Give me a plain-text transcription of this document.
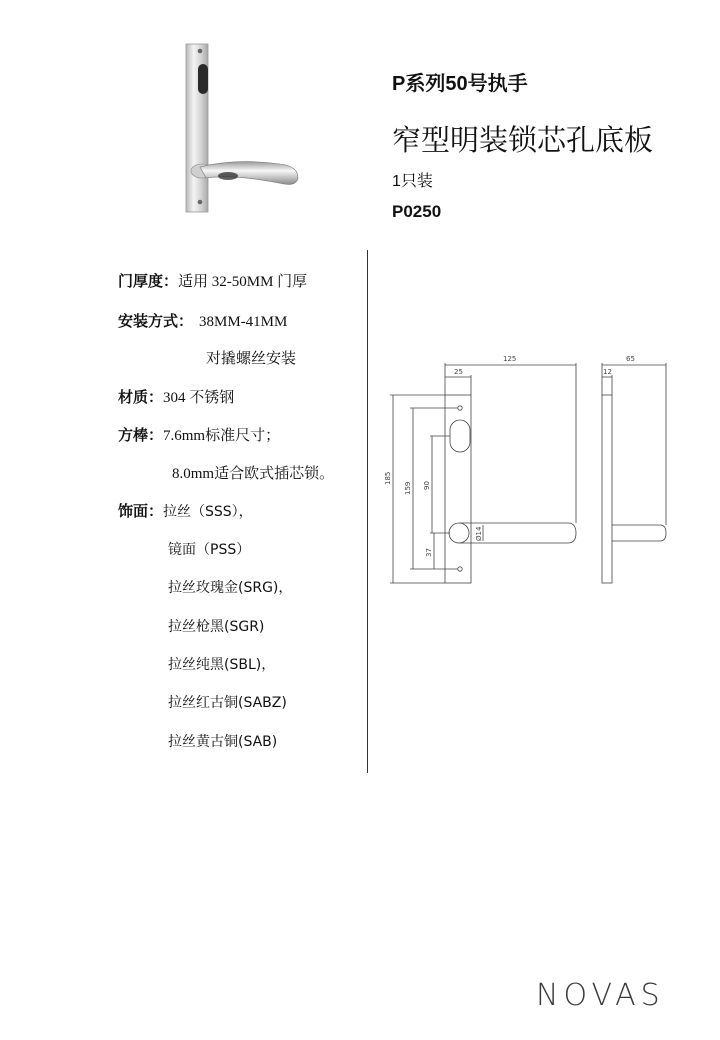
P系列50号执手
窄型明装锁芯孔底板
1只装
P0250
门厚度：适用 32-50MM 门厚
安装方式： 38MM-41MM
对撬螺丝安装
材质：304 不锈钢
方棒：7.6mm标准尺寸；
8.0mm适合欧式插芯锁。
饰面：拉丝（SSS），
镜面（PSS）
拉丝玫瑰金(SRG)，
拉丝枪黑(SGR)
拉丝纯黑(SBL)，
拉丝红古铜(SABZ)
拉丝黄古铜(SAB)
125
25
65
12
185
159 90
37
Ø14
NOVAS
